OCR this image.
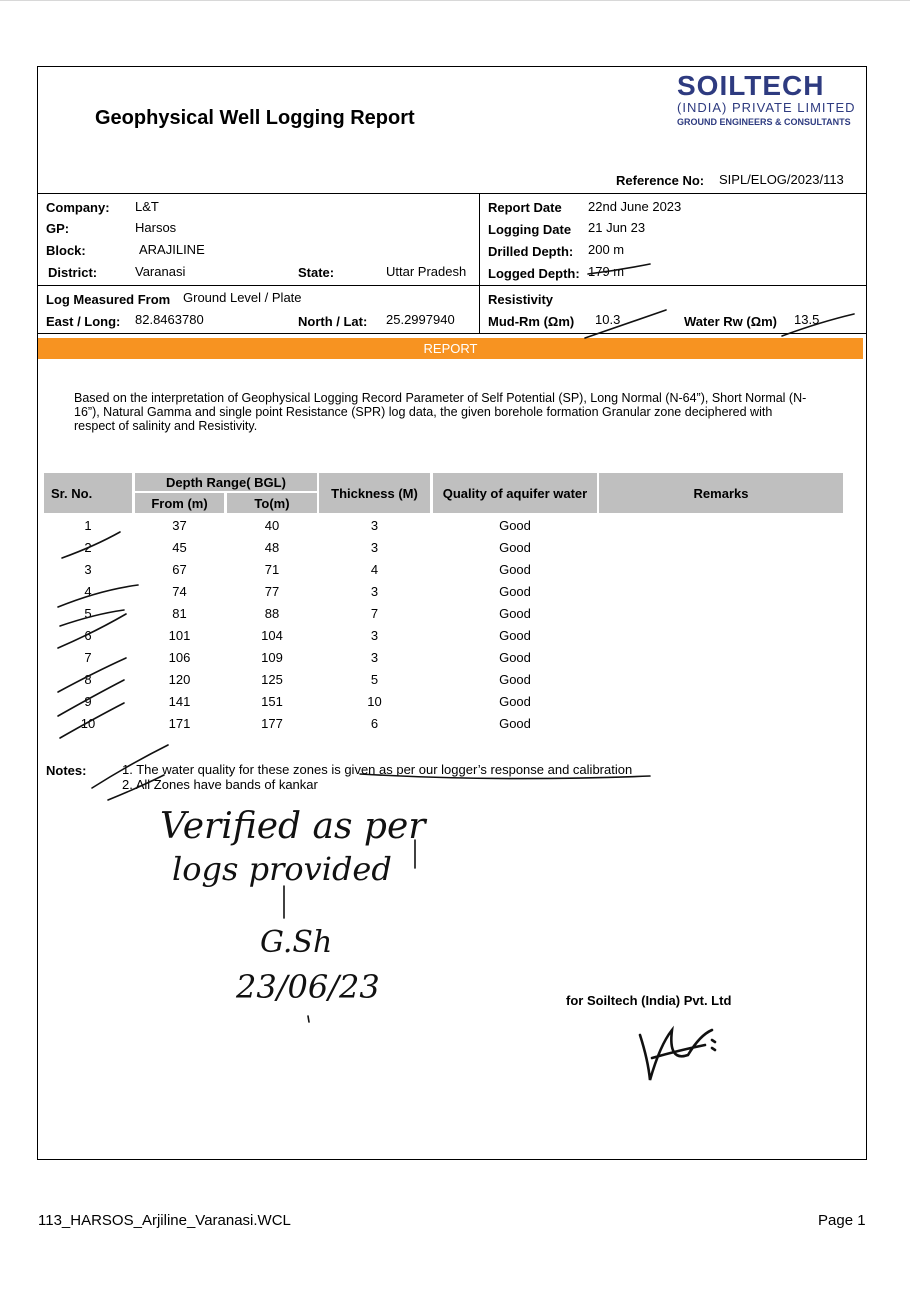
Geophysical Well Logging Report
SOILTECH
(INDIA) PRIVATE LIMITED
GROUND ENGINEERS & CONSULTANTS
Reference No: SIPL/ELOG/2023/113
Company: L&T
GP:	Harsos
Block:	ARAJILINE
District:	Varanasi	State:	Uttar Pradesh
Report Date 22nd June 2023
Logging Date 21 Jun 23
Drilled Depth: 200 m
Logged Depth: 179 m
Log Measured From Ground Level / Plate
East / Long: 82.8463780	North / Lat: 25.2997940
Resistivity
Mud-Rm (Ωm) 10.3	Water Rw (Ωm) 13.5
REPORT
Based on the interpretation of Geophysical Logging Record Parameter of Self Potential (SP), Long Normal (N-64”), Short Normal (N-16”), Natural Gamma and single point Resistance (SPR) log data, the given borehole formation Granular zone deciphered with respect of salinity and Resistivity.
Sr. No.
Depth Range( BGL)
From (m)	To(m)
Thickness (M)	Quality of aquifer water	Remarks
1	37	40	3	Good
2	45	48	3	Good
3	67	71	4	Good
4	74	77	3	Good
5	81	88	7	Good
6	101	104	3	Good
7	106	109	3	Good
8	120	125	5	Good
9	141	151	10	Good
10	171	177	6	Good
Notes:	1. The water quality for these zones is given as per our logger’s response and calibration
2. All Zones have bands of kankar
for Soiltech (India) Pvt. Ltd
113_HARSOS_Arjiline_Varanasi.WCL	Page 1
Verified as per
logs provided
G.Sh
23/06/23
